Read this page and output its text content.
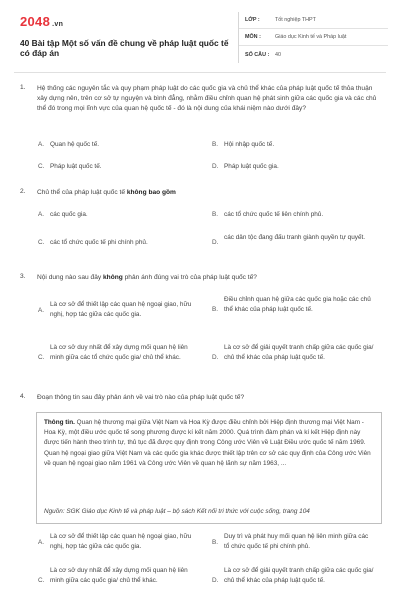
2048 .vn
40 Bài tập Một số vấn đề chung về pháp luật quốc tế có đáp án
LỚP :	Tốt nghiệp THPT
MÔN :	Giáo dục Kinh tế và Pháp luật
SỐ CÂU :	40
1. Hệ thống các nguyên tắc và quy phạm pháp luật do các quốc gia và chủ thể khác của pháp luật quốc tế thỏa thuận xây dựng nên, trên cơ sở tự nguyện và bình đẳng, nhằm điều chỉnh quan hệ phát sinh giữa các quốc gia và các chủ thể đó trong mọi lĩnh vực của quan hệ quốc tế - đó là nội dung của khái niệm nào dưới đây?
A. Quan hệ quốc tế.	B. Hội nhập quốc tế.
C. Pháp luật quốc tế.	D. Pháp luật quốc gia.
2. Chủ thể của pháp luật quốc tế không bao gồm
A. các quốc gia.	B. các tổ chức quốc tế liên chính phủ.
C. các tổ chức quốc tế phi chính phủ.	D.
các dân tộc đang đấu tranh giành quyền tự quyết.
3. Nội dung nào sau đây không phản ánh đúng vai trò của pháp luật quốc tế?
A.
Là cơ sở để thiết lập các quan hệ ngoại giao, hữu nghị, hợp tác giữa các quốc gia.
B.
Điều chỉnh quan hệ giữa các quốc gia hoặc các chủ thể khác của pháp luật quốc tế.
C.
Là cơ sở duy nhất để xây dựng mối quan hệ liên minh giữa các tổ chức quốc gia/ chủ thể khác.	D.
Là cơ sở để giải quyết tranh chấp giữa các quốc gia/ chủ thể khác của pháp luật quốc tế.
4. Đoạn thông tin sau đây phản ánh về vai trò nào của pháp luật quốc tế?
Thông tin. Quan hệ thương mại giữa Việt Nam và Hoa Kỳ được điều chỉnh bởi Hiệp định thương mại Việt Nam - Hoa Kỳ, một điều ước quốc tế song phương được kí kết năm 2000. Quá trình đàm phán và kí kết Hiệp định này được tiến hành theo trình tự, thủ tục đã được quy định trong Công ước Viên về Luật Điều ước quốc tế năm 1969. Quan hệ ngoại giao giữa Việt Nam và các quốc gia khác được thiết lập trên cơ sở các quy định của Công ước Viên về quan hệ ngoại giao năm 1961 và Công ước Viên về quan hệ lãnh sự năm 1963, ...
Nguồn: SGK Giáo dục Kinh tế và pháp luật – bộ sách Kết nối tri thức với cuộc sống, trang 104
A.
Là cơ sở để thiết lập các quan hệ ngoại giao, hữu nghị, hợp tác giữa các quốc gia.
B.
Duy trì và phát huy mối quan hệ liên minh giữa các tổ chức quốc tế phi chính phủ.
C.
Là cơ sở duy nhất để xây dựng mối quan hệ liên minh giữa các quốc gia/ chủ thể khác.	D.
Là cơ sở để giải quyết tranh chấp giữa các quốc gia/ chủ thể khác của pháp luật quốc tế.
